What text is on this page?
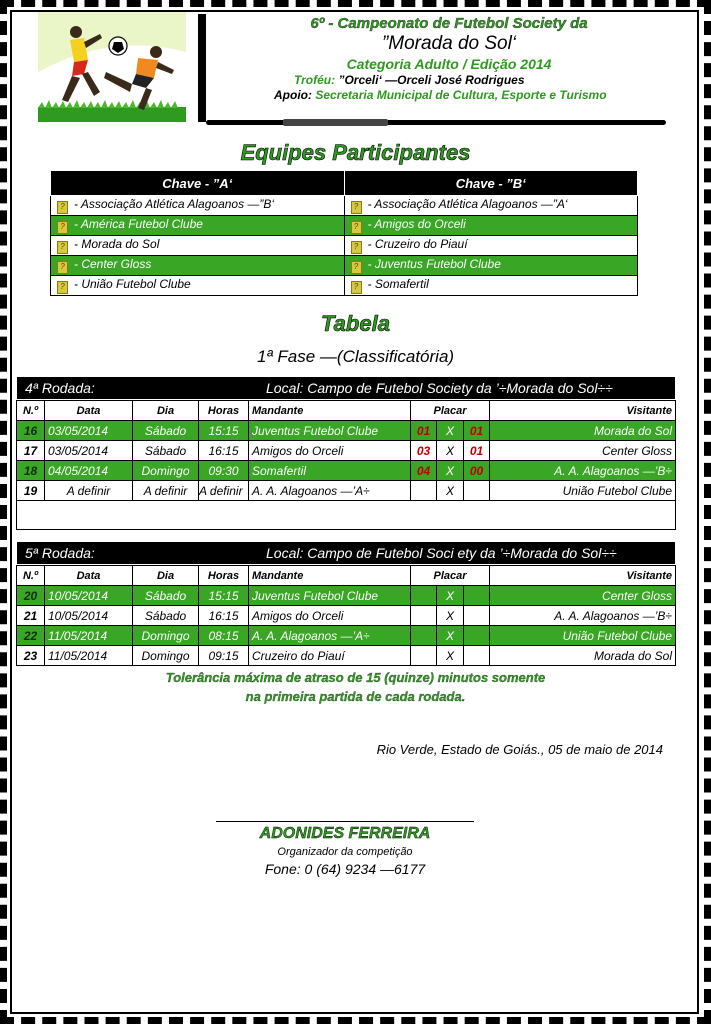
6º - Campeonato de Futebol Society da
”Morada do Sol‘
Categoria Adulto / Edição 2014
Troféu: ”Orceli‘ —Orceli José Rodrigues
Apoio: Secretaria Municipal de Cultura, Esporte e Turismo
Equipes Participantes
Chave - ”A‘	Chave - ”B‘
? - Associação Atlética Alagoanos —”B‘	? - Associação Atlética Alagoanos —”A‘
? - América Futebol Clube	? - Amigos do Orceli
? - Morada do Sol	? - Cruzeiro do Piauí
? - Center Gloss	? - Juventus Futebol Clube
? - União Futebol Clube	? - Somafertil
Tabela
1ª Fase —(Classificatória)
4ª Rodada:	Local: Campo de Futebol Society da ’÷Morada do Sol÷÷
N.º	Data	Dia	Horas	Mandante	Placar			Visitante
16	03/05/2014	Sábado	15:15	Juventus Futebol Clube	01	X	01	Morada do Sol
17	03/05/2014	Sábado	16:15	Amigos do Orceli	03	X	01	Center Gloss
18	04/05/2014	Domingo	09:30	Somafertil	04	X	00	A. A. Alagoanos —’B÷
19	A definir	A definir	A definir	A. A. Alagoanos —’A÷		X		União Futebol Clube

5ª Rodada:	Local: Campo de Futebol Soci ety da ’÷Morada do Sol÷÷
N.º	Data	Dia	Horas	Mandante	Placar			Visitante
20	10/05/2014	Sábado	15:15	Juventus Futebol Clube		X		Center Gloss
21	10/05/2014	Sábado	16:15	Amigos do Orceli		X		A. A. Alagoanos —’B÷
22	11/05/2014	Domingo	08:15	A. A. Alagoanos —’A÷		X		União Futebol Clube
23	11/05/2014	Domingo	09:15	Cruzeiro do Piauí		X		Morada do Sol
Tolerância máxima de atraso de 15 (quinze) minutos somente
na primeira partida de cada rodada.
Rio Verde, Estado de Goiás., 05 de maio de 2014
ADONIDES FERREIRA
Organizador da competição
Fone: 0 (64) 9234 —6177
